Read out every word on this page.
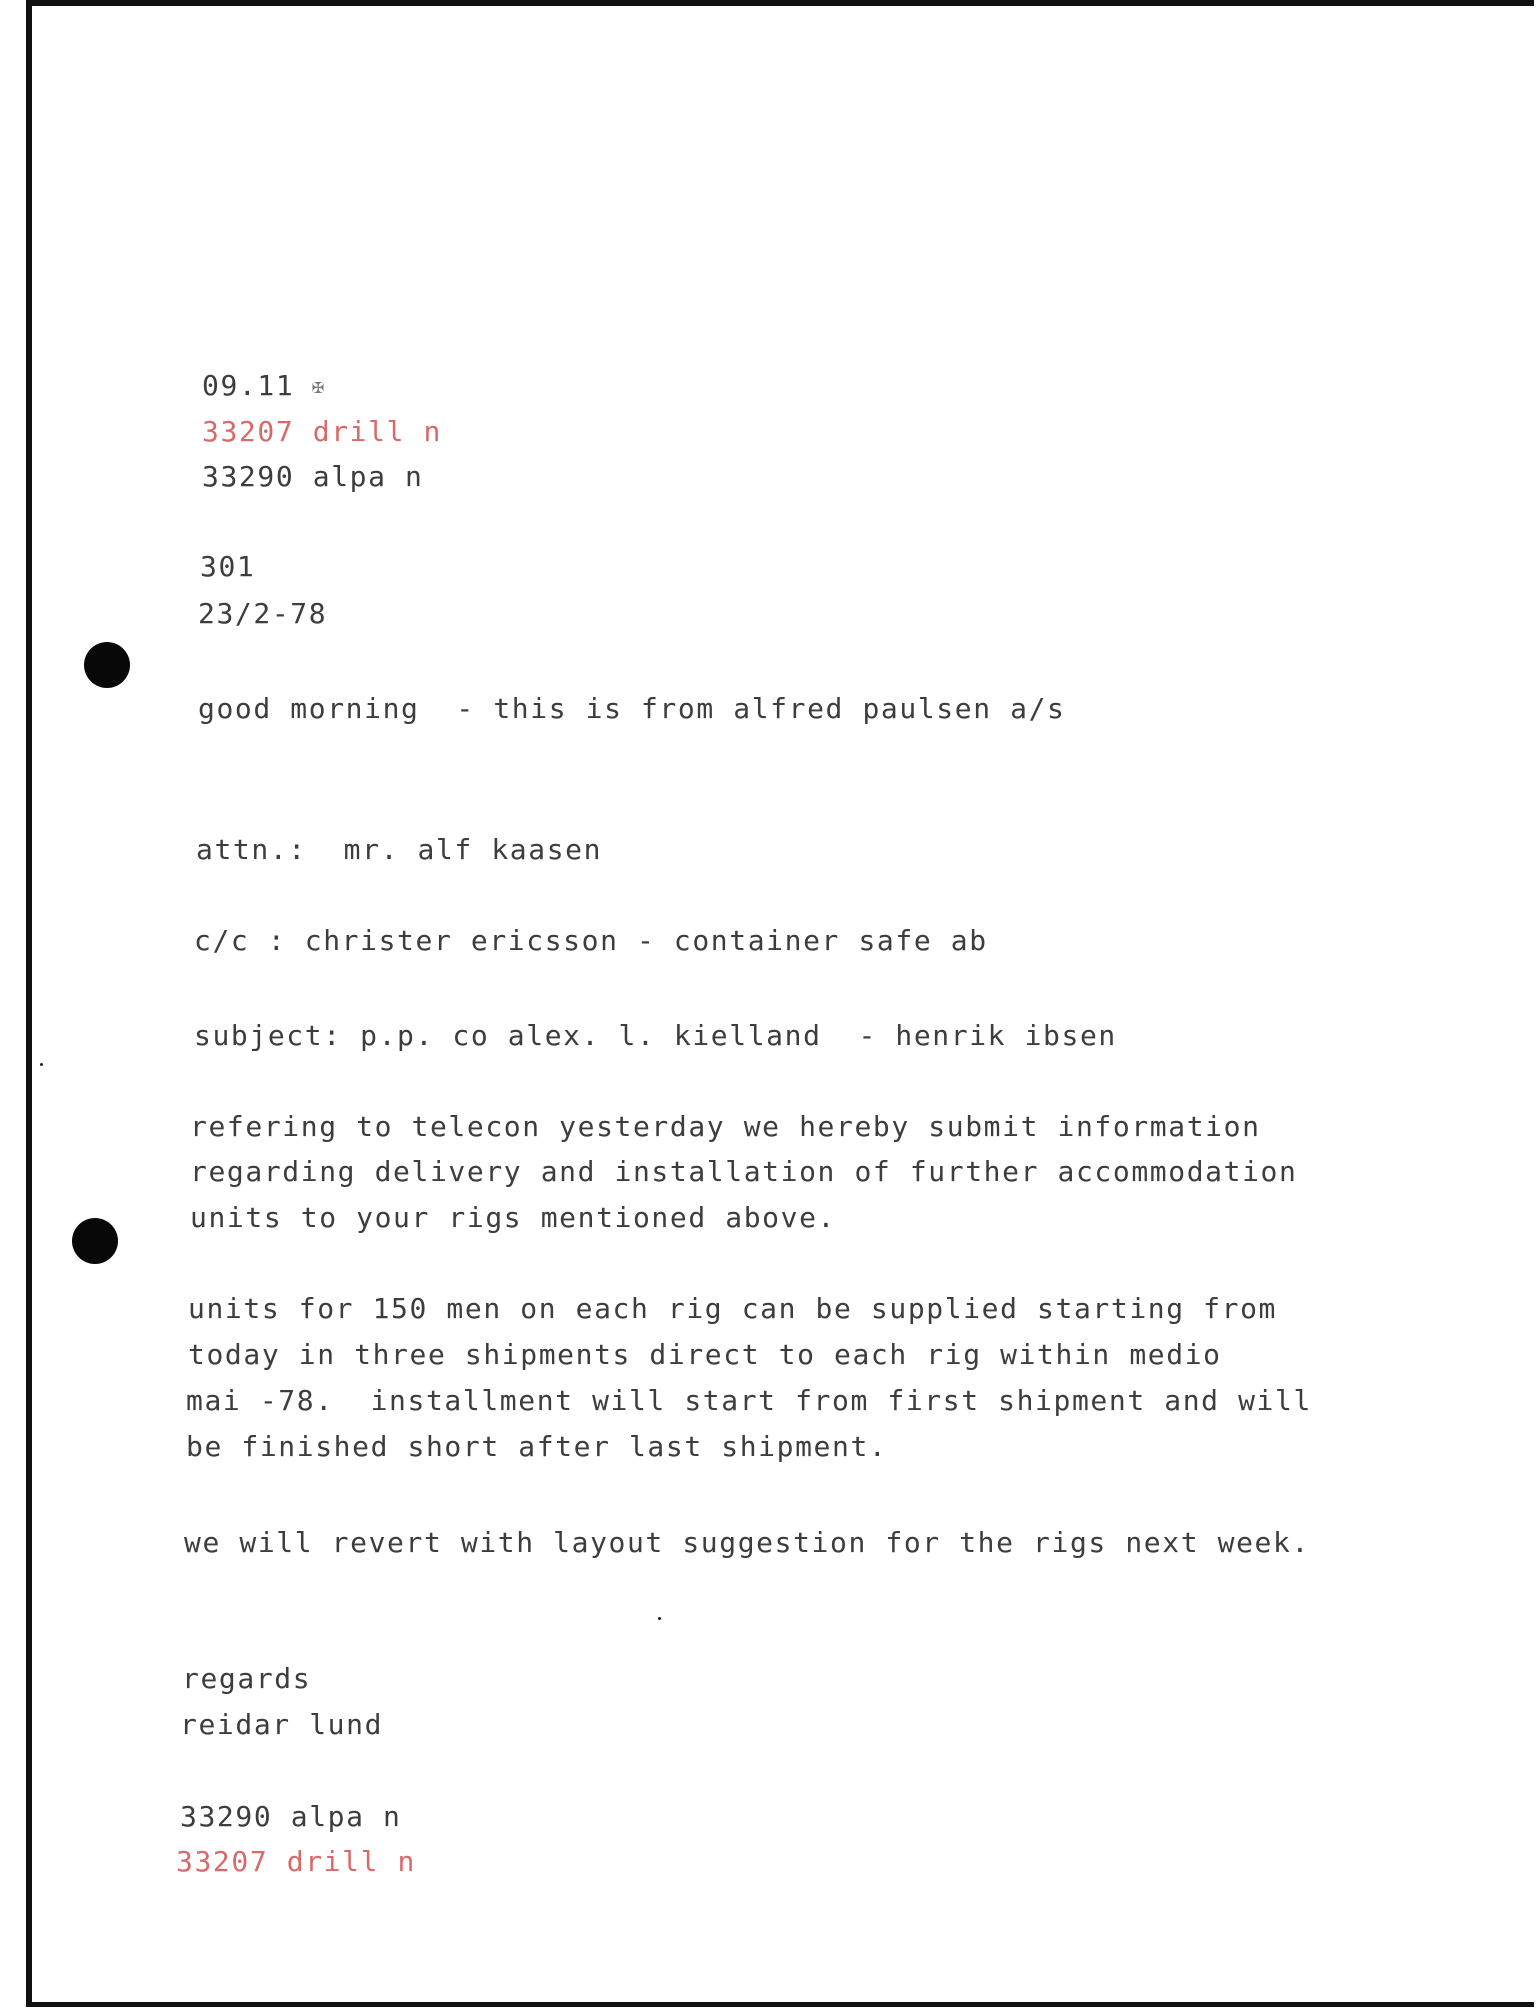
09.11 ✠
33207 drill n
33290 alpa n
301
23/2-78
good morning  - this is from alfred paulsen a/s
attn.:  mr. alf kaasen
c/c : christer ericsson - container safe ab
subject: p.p. co alex. l. kielland  - henrik ibsen
refering to telecon yesterday we hereby submit information
regarding delivery and installation of further accommodation
units to your rigs mentioned above.
units for 150 men on each rig can be supplied starting from
today in three shipments direct to each rig within medio
mai -78.  installment will start from first shipment and will
be finished short after last shipment.
we will revert with layout suggestion for the rigs next week.
regards
reidar lund
33290 alpa n
33207 drill n
